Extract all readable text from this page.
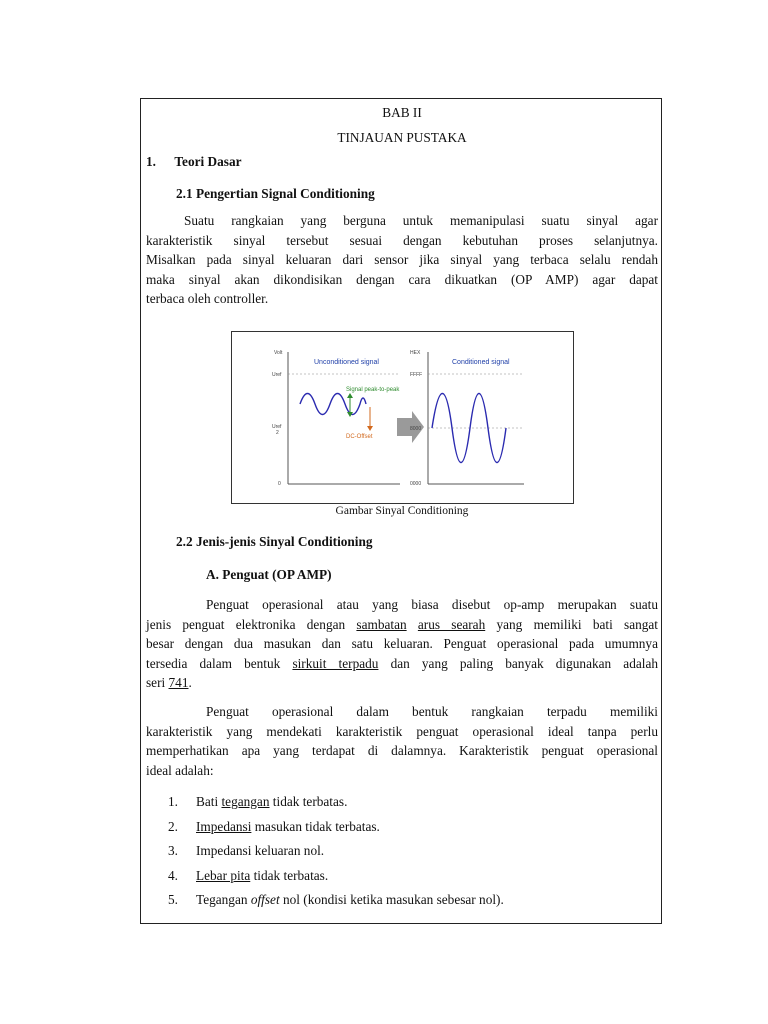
BAB II
TINJAUAN PUSTAKA
1. Teori Dasar
2.1 Pengertian Signal Conditioning
Suatu rangkaian yang berguna untuk memanipulasi suatu sinyal agar
karakteristik sinyal tersebut sesuai dengan kebutuhan proses selanjutnya.
Misalkan pada sinyal keluaran dari sensor jika sinyal yang terbaca selalu rendah
maka sinyal akan dikondisikan dengan cara dikuatkan (OP AMP) agar dapat
terbaca oleh controller.
Volt
Unconditioned signal
Uref
Uref
2
0
Signal peak-to-peak
DC-Offset
HEX
Conditioned signal
FFFF
8000
0000
Gambar Sinyal Conditioning
2.2 Jenis-jenis Sinyal Conditioning
A. Penguat (OP AMP)
Penguat operasional atau yang biasa disebut op-amp merupakan suatu
jenis penguat elektronika dengan sambatan arus searah yang memiliki bati sangat
besar dengan dua masukan dan satu keluaran. Penguat operasional pada umumnya
tersedia dalam bentuk sirkuit terpadu dan yang paling banyak digunakan adalah
seri 741.
Penguat operasional dalam bentuk rangkaian terpadu memiliki
karakteristik yang mendekati karakteristik penguat operasional ideal tanpa perlu
memperhatikan apa yang terdapat di dalamnya. Karakteristik penguat operasional
ideal adalah:
1. Bati tegangan tidak terbatas.
2. Impedansi masukan tidak terbatas.
3. Impedansi keluaran nol.
4. Lebar pita tidak terbatas.
5. Tegangan offset nol (kondisi ketika masukan sebesar nol).
